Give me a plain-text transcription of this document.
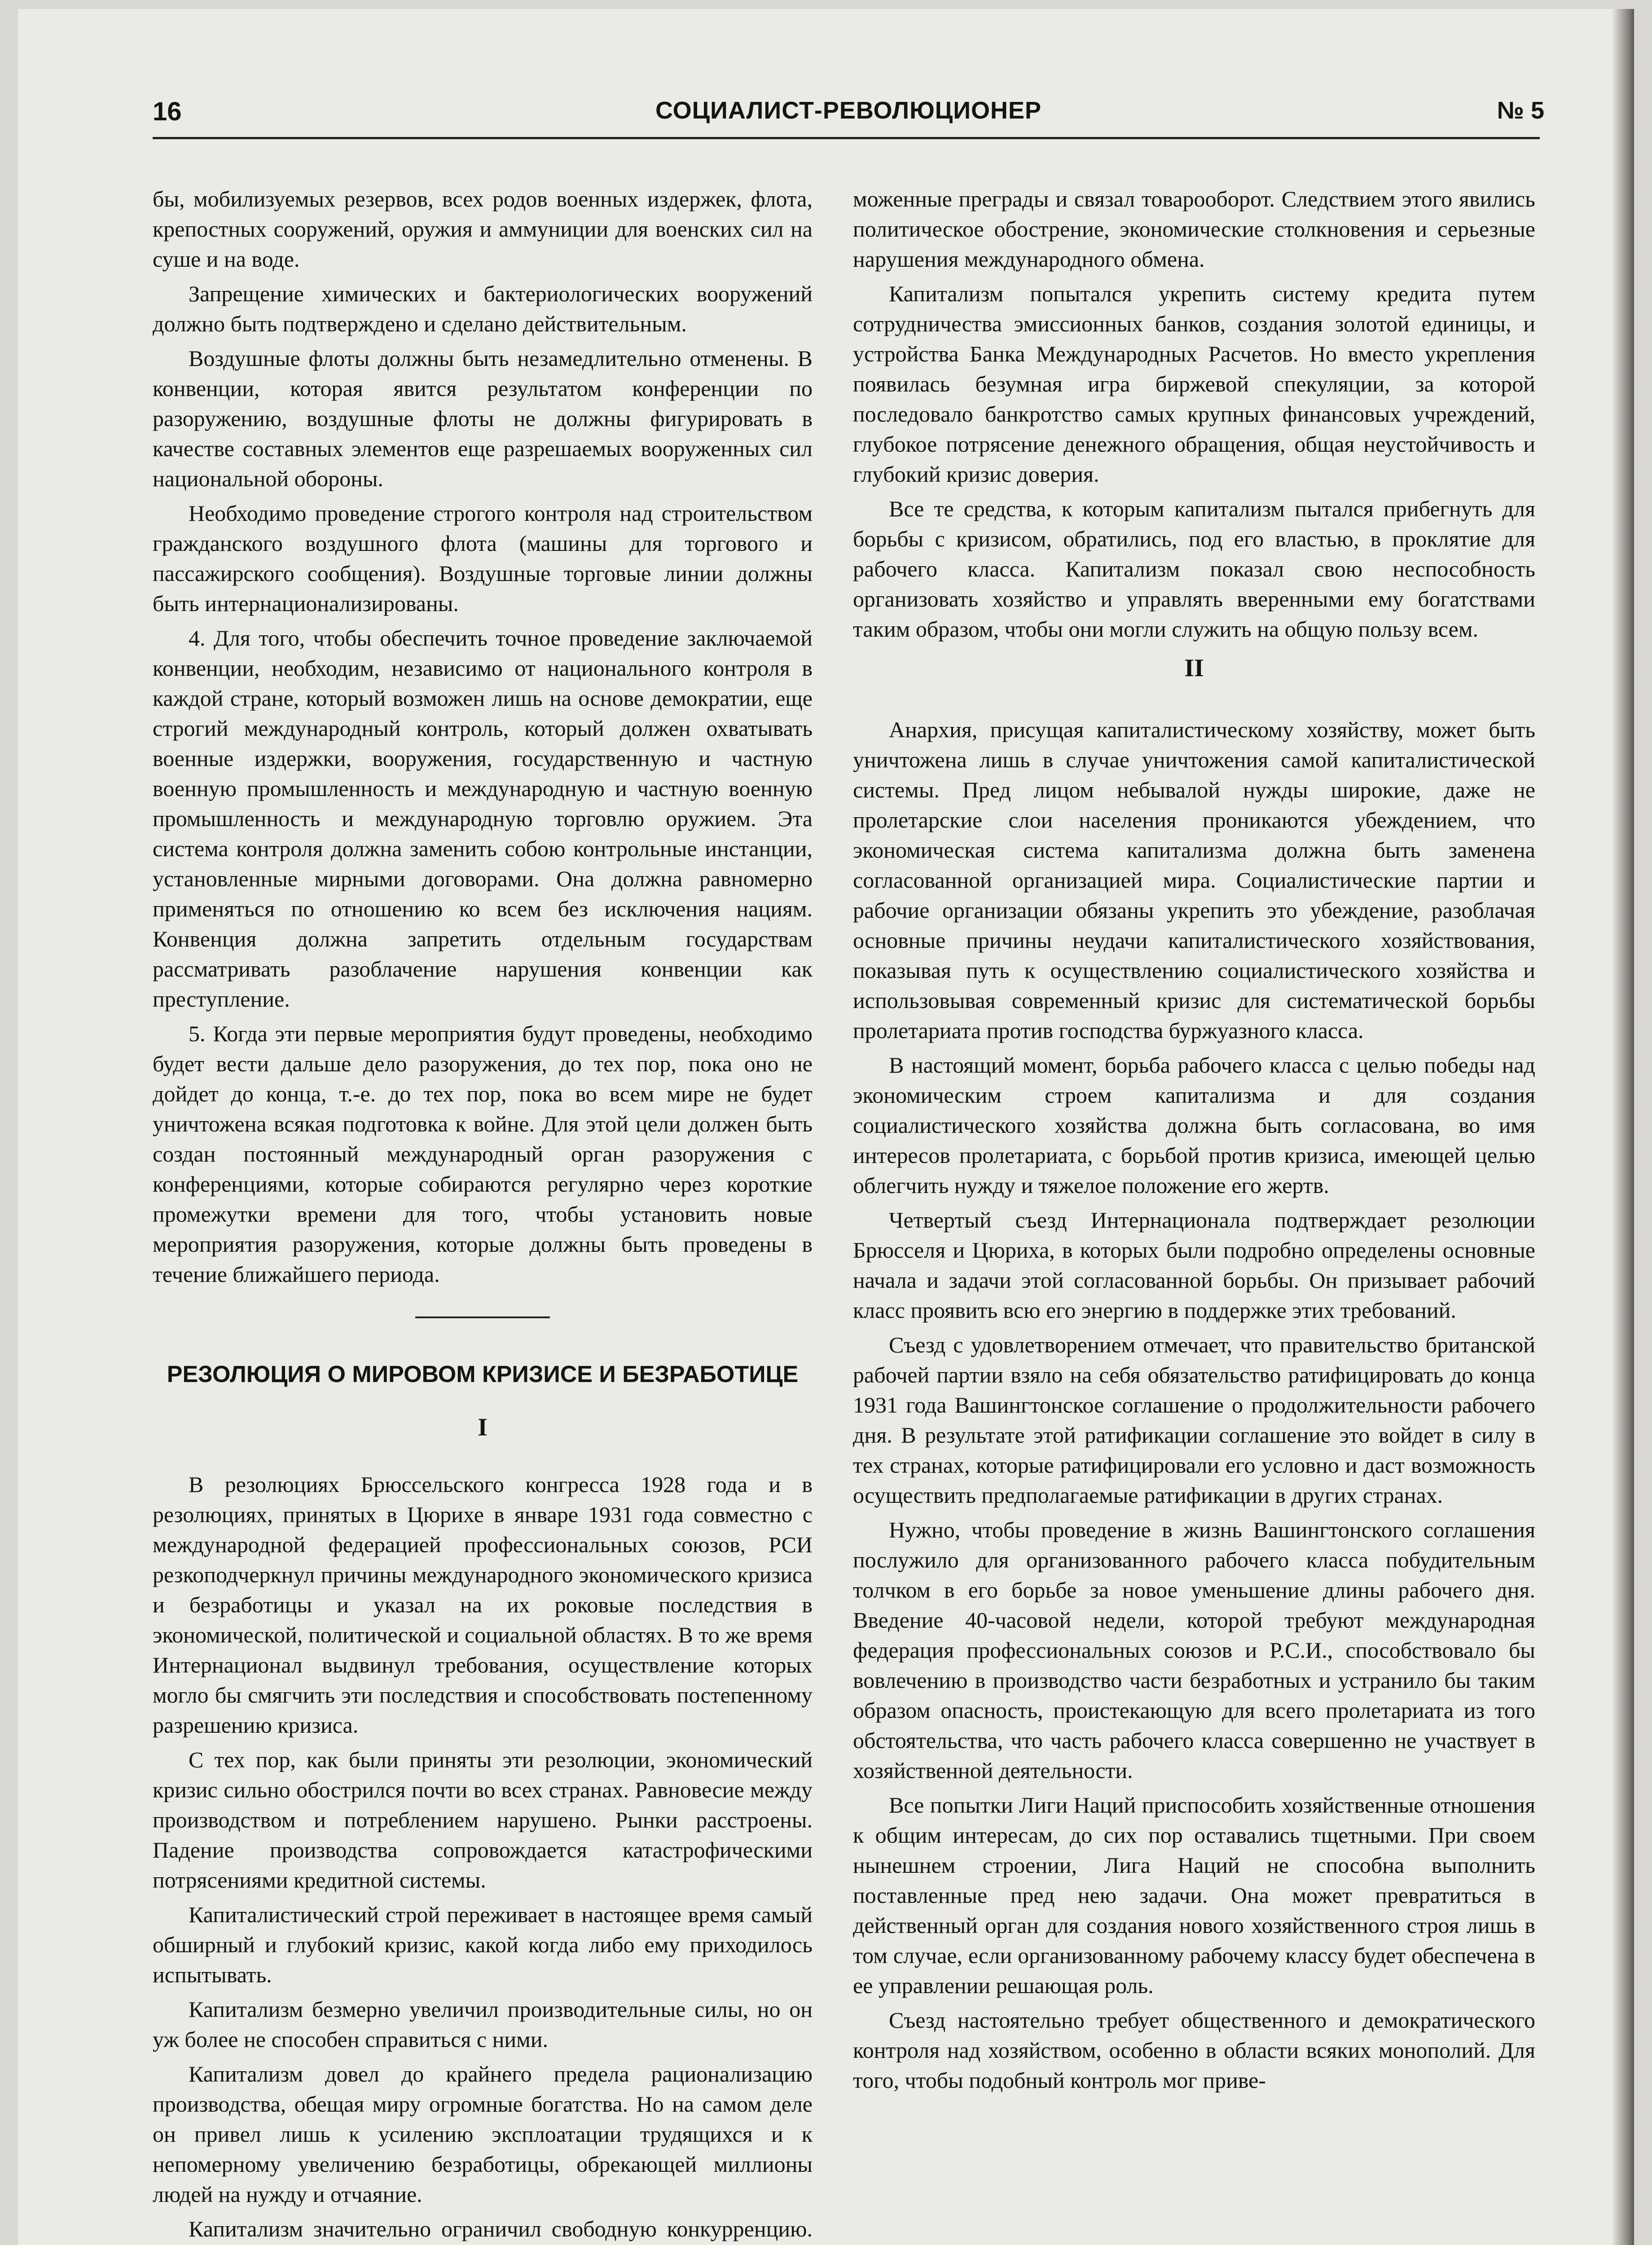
16	СОЦИАЛИСТ-РЕВОЛЮЦИОНЕР	№ 5

бы, мобилизуемых резервов, всех родов военных издержек, флота, крепостных сооружений, оружия и аммуниции для военских сил на суше и на воде.

Запрещение химических и бактериологических вооружений должно быть подтверждено и сделано действительным.

Воздушные флоты должны быть незамедлительно отменены. В конвенции, которая явится результатом конференции по разоружению, воздушные флоты не должны фигурировать в качестве составных элементов еще разрешаемых вооруженных сил национальной обороны.

Необходимо проведение строгого контроля над строительством гражданского воздушного флота (машины для торгового и пассажирского сообщения). Воздушные торговые линии должны быть интернационализированы.

4. Для того, чтобы обеспечить точное проведение заключаемой конвенции, необходим, независимо от национального контроля в каждой стране, который возможен лишь на основе демократии, еще строгий международный контроль, который должен охватывать военные издержки, вооружения, государственную и частную военную промышленность и международную и частную военную промышленность и международную торговлю оружием. Эта система контроля должна заменить собою контрольные инстанции, установленные мирными договорами. Она должна равномерно применяться по отношению ко всем без исключения нациям. Конвенция должна запретить отдельным государствам рассматривать разоблачение нарушения конвенции как преступление.

5. Когда эти первые мероприятия будут проведены, необходимо будет вести дальше дело разоружения, до тех пор, пока оно не дойдет до конца, т.-е. до тех пор, пока во всем мире не будет уничтожена всякая подготовка к войне. Для этой цели должен быть создан постоянный международный орган разоружения с конференциями, которые собираются регулярно через короткие промежутки времени для того, чтобы установить новые мероприятия разоружения, которые должны быть проведены в течение ближайшего периода.

РЕЗОЛЮЦИЯ О МИРОВОМ КРИЗИСЕ И БЕЗРАБОТИЦЕ
I

В резолюциях Брюссельского конгресса 1928 года и в резолюциях, принятых в Цюрихе в январе 1931 года совместно с международной федерацией профессиональных союзов, РСИ резкоподчеркнул причины международного экономического кризиса и безработицы и указал на их роковые последствия в экономической, политической и социальной областях. В то же время Интернационал выдвинул требования, осуществление которых могло бы смягчить эти последствия и способствовать постепенному разрешению кризиса.

С тех пор, как были приняты эти резолюции, экономический кризис сильно обострился почти во всех странах. Равновесие между производством и потреблением нарушено. Рынки расстроены. Падение производства сопровождается катастрофическими потрясениями кредитной системы.

Капиталистический строй переживает в настоящее время самый обширный и глубокий кризис, какой когда либо ему приходилось испытывать.

Капитализм безмерно увеличил производительные силы, но он уж более не способен справиться с ними.

Капитализм довел до крайнего предела рационализацию производства, обещая миру огромные богатства. Но на самом деле он привел лишь к усилению эксплоатации трудящихся и к непомерному увеличению безработицы, обрекающей миллионы людей на нужду и отчаяние.

Капитализм значительно ограничил свободную конкурренцию.

моженные преграды и связал товарооборот. Следствием этого явились политическое обострение, экономические столкновения и серьезные нарушения международного обмена.

Капитализм попытался укрепить систему кредита путем сотрудничества эмиссионных банков, создания золотой единицы, и устройства Банка Международных Расчетов. Но вместо укрепления появилась безумная игра биржевой спекуляции, за которой последовало банкротство самых крупных финансовых учреждений, глубокое потрясение денежного обращения, общая неустойчивость и глубокий кризис доверия.

Все те средства, к которым капитализм пытался прибегнуть для борьбы с кризисом, обратились, под его властью, в проклятие для рабочего класса. Капитализм показал свою неспособность организовать хозяйство и управлять вверенными ему богатствами таким образом, чтобы они могли служить на общую пользу всем.

II

Анархия, присущая капиталистическому хозяйству, может быть уничтожена лишь в случае уничтожения самой капиталистической системы. Пред лицом небывалой нужды широкие, даже не пролетарские слои населения проникаются убеждением, что экономическая система капитализма должна быть заменена согласованной организацией мира. Социалистические партии и рабочие организации обязаны укрепить это убеждение, разоблачая основные причины неудачи капиталистического хозяйствования, показывая путь к осуществлению социалистического хозяйства и использовывая современный кризис для систематической борьбы пролетариата против господства буржуазного класса.

В настоящий момент, борьба рабочего класса с целью победы над экономическим строем капитализма и для создания социалистического хозяйства должна быть согласована, во имя интересов пролетариата, с борьбой против кризиса, имеющей целью облегчить нужду и тяжелое положение его жертв.

Четвертый съезд Интернационала подтверждает резолюции Брюсселя и Цюриха, в которых были подробно определены основные начала и задачи этой согласованной борьбы. Он призывает рабочий класс проявить всю его энергию в поддержке этих требований.

Съезд с удовлетворением отмечает, что правительство британской рабочей партии взяло на себя обязательство ратифицировать до конца 1931 года Вашингтонское соглашение о продолжительности рабочего дня. В результате этой ратификации соглашение это войдет в силу в тех странах, которые ратифицировали его условно и даст возможность осуществить предполагаемые ратификации в других странах.

Нужно, чтобы проведение в жизнь Вашингтонского соглашения послужило для организованного рабочего класса побудительным толчком в его борьбе за новое уменьшение длины рабочего дня. Введение 40-часовой недели, которой требуют международная федерация профессиональных союзов и Р.С.И., способствовало бы вовлечению в производство части безработных и устранило бы таким образом опасность, проистекающую для всего пролетариата из того обстоятельства, что часть рабочего класса совершенно не участвует в хозяйственной деятельности.

Все попытки Лиги Наций приспособить хозяйственные отношения к общим интересам, до сих пор оставались тщетными. При своем нынешнем строении, Лига Наций не способна выполнить поставленные пред нею задачи. Она может превратиться в действенный орган для создания нового хозяйственного строя лишь в том случае, если организованному рабочему классу будет обеспечена в ее управлении решающая роль.

Съезд настоятельно требует общественного и демократического контроля над хозяйством, особенно в области всяких монополий. Для того, чтобы подобный контроль мог приве-
